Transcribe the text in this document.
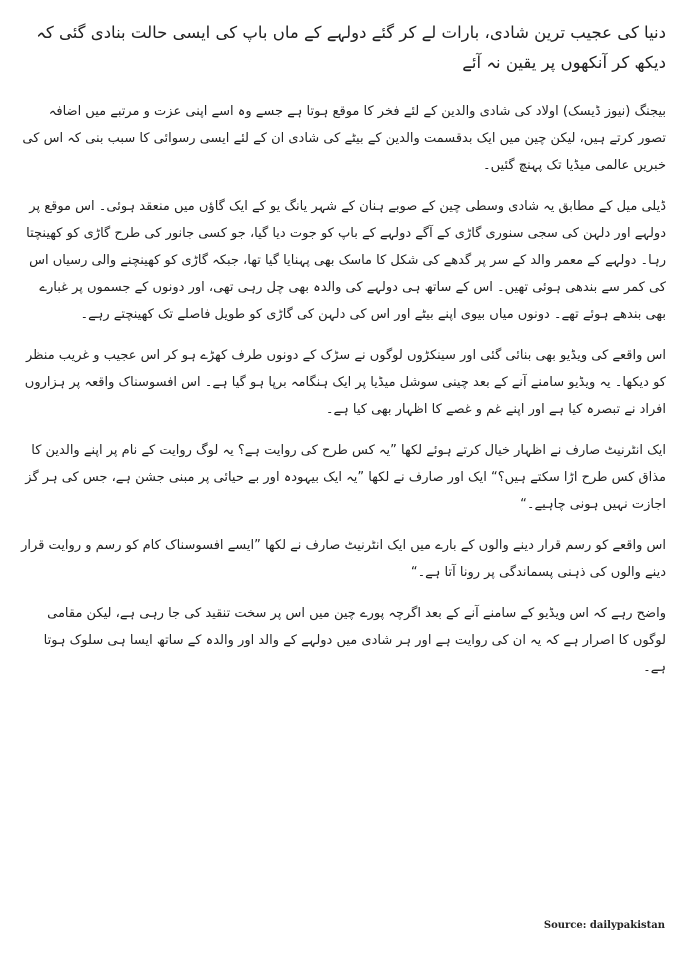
دنیا کی عجیب ترین شادی، بارات لے کر گئے دولہے کے ماں باپ کی ایسی حالت بنادی گئی کہ دیکھ کر آنکھوں پر یقین نہ آئے

بیجنگ (نیوز ڈیسک) اولاد کی شادی والدین کے لئے فخر کا موقع ہوتا ہے جسے وہ اسے اپنی عزت و مرتبے میں اضافہ تصور کرتے ہیں، لیکن چین میں ایک بدقسمت والدین کے بیٹے کی شادی ان کے لئے ایسی رسوائی کا سبب بنی کہ اس کی خبریں عالمی میڈیا تک پہنچ گئیں۔

ڈیلی میل کے مطابق یہ شادی وسطی چین کے صوبے ہنان کے شہر یانگ یو کے ایک گاؤں میں منعقد ہوئی۔ اس موقع پر دولہے اور دلہن کی سجی سنوری گاڑی کے آگے دولہے کے باپ کو جوت دیا گیا، جو کسی جانور کی طرح گاڑی کو کھینچتا رہا۔ دولہے کے معمر والد کے سر پر گدھے کی شکل کا ماسک بھی پہنایا گیا تھا، جبکہ گاڑی کو کھینچنے والی رسیاں اس کی کمر سے بندھی ہوئی تھیں۔ اس کے ساتھ ہی دولہے کی والدہ بھی چل رہی تھی، اور دونوں کے جسموں پر غبارے بھی بندھے ہوئے تھے۔ دونوں میاں بیوی اپنے بیٹے اور اس کی دلہن کی گاڑی کو طویل فاصلے تک کھینچتے رہے۔

اس واقعے کی ویڈیو بھی بنائی گئی اور سینکڑوں لوگوں نے سڑک کے دونوں طرف کھڑے ہو کر اس عجیب و غریب منظر کو دیکھا۔ یہ ویڈیو سامنے آنے کے بعد چینی سوشل میڈیا پر ایک ہنگامہ برپا ہو گیا ہے۔ اس افسوسناک واقعہ پر ہزاروں افراد نے تبصرہ کیا ہے اور اپنے غم و غصے کا اظہار بھی کیا ہے۔

ایک انٹرنیٹ صارف نے اظہار خیال کرتے ہوئے لکھا ”یہ کس طرح کی روایت ہے؟ یہ لوگ روایت کے نام پر اپنے والدین کا مذاق کس طرح اڑا سکتے ہیں؟“ ایک اور صارف نے لکھا ”یہ ایک بیہودہ اور بے حیائی پر مبنی جشن ہے، جس کی ہر گز اجازت نہیں ہونی چاہیے۔“

اس واقعے کو رسم قرار دینے والوں کے بارے میں ایک انٹرنیٹ صارف نے لکھا ”ایسے افسوسناک کام کو رسم و روایت قرار دینے والوں کی ذہنی پسماندگی پر رونا آتا ہے۔“

واضح رہے کہ اس ویڈیو کے سامنے آنے کے بعد اگرچہ پورے چین میں اس پر سخت تنقید کی جا رہی ہے، لیکن مقامی لوگوں کا اصرار ہے کہ یہ ان کی روایت ہے اور ہر شادی میں دولہے کے والد اور والدہ کے ساتھ ایسا ہی سلوک ہوتا ہے۔

Source: dailypakistan
